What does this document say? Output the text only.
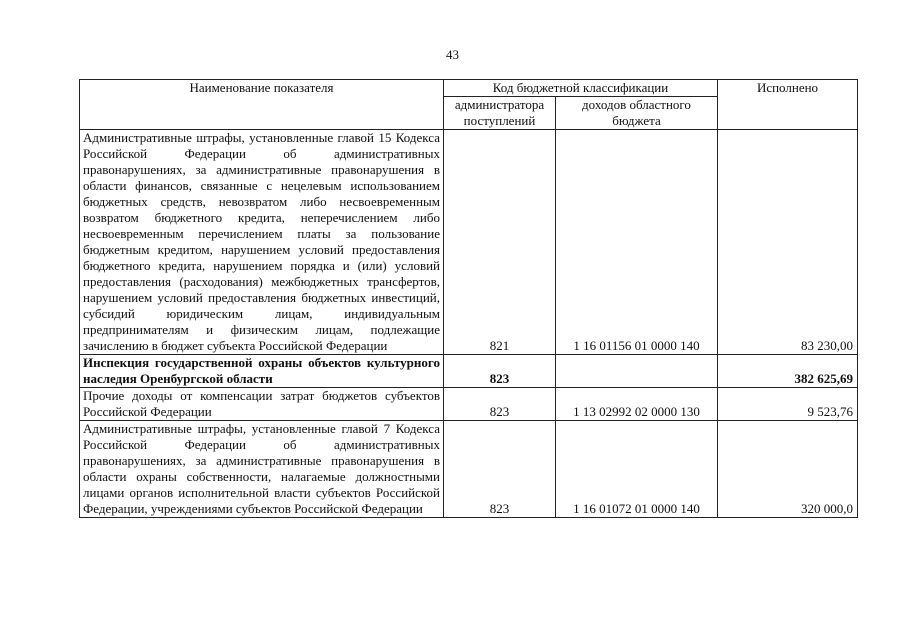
43
Наименование показателя	Код бюджетной классификации		Исполнено
	администратора поступлений	доходов областного бюджета	
Административные штрафы, установленные главой 15 Кодекса Российской Федерации об административных правонарушениях, за административные правонарушения в области финансов, связанные с нецелевым использованием бюджетных средств, невозвратом либо несвоевременным возвратом бюджетного кредита, неперечислением либо несвоевременным перечислением платы за пользование бюджетным кредитом, нарушением условий предоставления бюджетного кредита, нарушением порядка и (или) условий предоставления (расходования) межбюджетных трансфертов, нарушением условий предоставления бюджетных инвестиций, субсидий юридическим лицам, индивидуальным предпринимателям и физическим лицам, подлежащие зачислению в бюджет субъекта Российской Федерации	821	1 16 01156 01 0000 140	83 230,00
Инспекция государственной охраны объектов культурного наследия Оренбургской области	823		382 625,69
Прочие доходы от компенсации затрат бюджетов субъектов Российской Федерации	823	1 13 02992 02 0000 130	9 523,76
Административные штрафы, установленные главой 7 Кодекса Российской Федерации об административных правонарушениях, за административные правонарушения в области охраны собственности, налагаемые должностными лицами органов исполнительной власти субъектов Российской Федерации, учреждениями субъектов Российской Федерации	823	1 16 01072 01 0000 140	320 000,0
